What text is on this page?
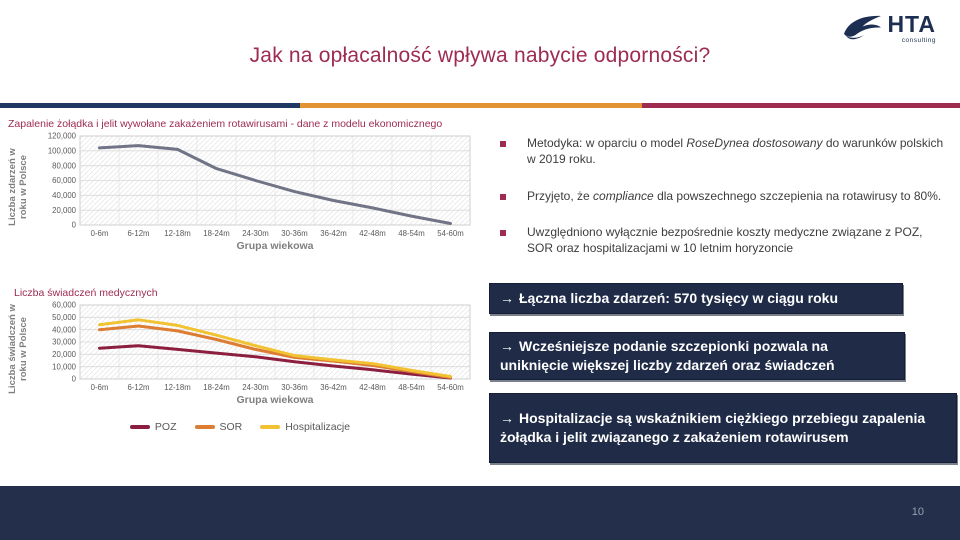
Jak na opłacalność wpływa nabycie odporności?
HTA
consulting
Zapalenie żołądka i jelit wywołane zakażeniem rotawirusami - dane z modelu ekonomicznego
Liczba zdarzeń w roku w Polsce
0
20,000
40,000
60,000
80,000
100,000
120,000
0-6m 6-12m 12-18m 18-24m 24-30m 30-36m 36-42m 42-48m 48-54m 54-60m
Grupa wiekowa
Liczba świadczeń medycznych
Liczba świadczeń w roku w Polsce	0
10,000
20,000
30,000
40,000
50,000
60,000
0-6m 6-12m 12-18m 18-24m 24-30m 30-36m 36-42m 42-48m 48-54m 54-60m
Grupa wiekowa
POZ	SOR	Hospitalizacje
Metodyka: w oparciu o model RoseDynea dostosowany do warunków polskich w 2019 roku.
Przyjęto, że compliance dla powszechnego szczepienia na rotawirusy to 80%.
Uwzględniono wyłącznie bezpośrednie koszty medyczne związane z POZ, SOR oraz hospitalizacjami w 10 letnim horyzoncie
→ Łączna liczba zdarzeń: 570 tysięcy w ciągu roku
→ Wcześniejsze podanie szczepionki pozwala na uniknięcie większej liczby zdarzeń oraz świadczeń
→ Hospitalizacje są wskaźnikiem ciężkiego przebiegu zapalenia żołądka i jelit związanego z zakażeniem rotawirusem
10
